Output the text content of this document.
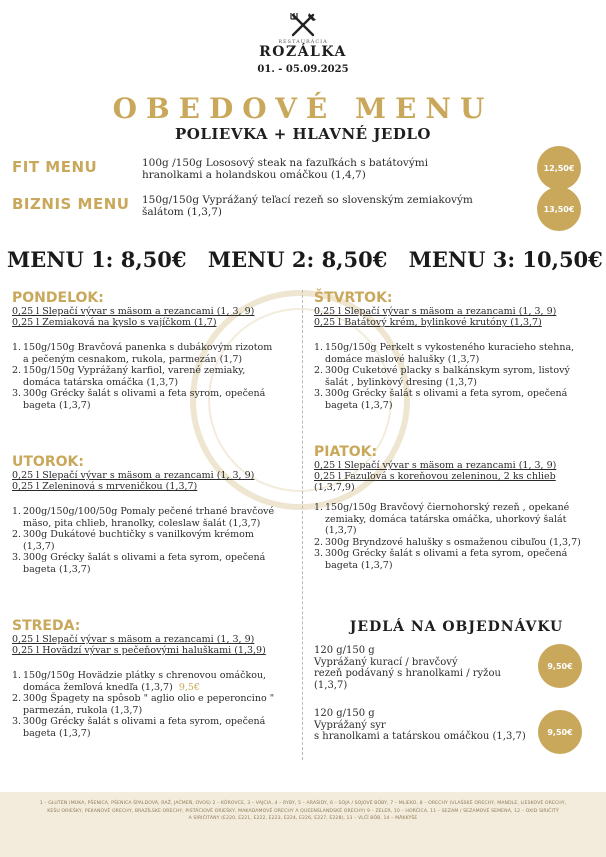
RESTAURÁCIA
ROZÁLKA
01. - 05.09.2025
OBEDOVÉ MENU
POLIEVKA + HLAVNÉ JEDLO
FIT MENU	100g /150g Lososový steak na fazuľkách s batátovými
hranolkami a holandskou omáčkou (1,4,7)
12,50€
BIZNIS MENU 150g/150g Vyprážaný teľací rezeň so slovenským zemiakovým
šalátom (1,3,7)	13,50€
MENU 1: 8,50€ MENU 2: 8,50€ MENU 3: 10,50€
PONDELOK:
0,25 l Slepačí vývar s mäsom a rezancami (1, 3, 9)
0,25 l Zemiaková na kyslo s vajíčkom (1,7)
1. 150g/150g Bravčová panenka s dubákovým rizotom
a pečeným cesnakom, rukola, parmezán (1,7)
2. 150g/150g Vyprážaný karfiol, varené zemiaky,
domáca tatárska omáčka (1,3,7)
3. 300g Grécky šalát s olivami a feta syrom, opečená
bageta (1,3,7)
UTOROK:
0,25 l Slepačí vývar s mäsom a rezancami (1, 3, 9)
0,25 l Zeleninová s mrveničkou (1,3,7)
1. 200g/150g/100/50g Pomaly pečené trhané bravčové
mäso, pita chlieb, hranolky, coleslaw šalát (1,3,7)
2. 300g Dukátové buchtičky s vanilkovým krémom
(1,3,7)
3. 300g Grécky šalát s olivami a feta syrom, opečená
bageta (1,3,7)
STREDA:
0,25 l Slepačí vývar s mäsom a rezancami (1, 3, 9)
0,25 l Hovädzí vývar s pečeňovými haluškami (1,3,9)
1. 150g/150g Hovädzie plátky s chrenovou omáčkou,
domáca žemľová knedľa (1,3,7) 9,5€
2. 300g Špagety na spôsob " aglio olio e peperoncino "
parmezán, rukola (1,3,7)
3. 300g Grécky šalát s olivami a feta syrom, opečená
bageta (1,3,7)
ŠTVRTOK:
0,25 l Slepačí vývar s mäsom a rezancami (1, 3, 9)
0,25 l Batátový krém, bylinkové krutóny (1,3,7)
1. 150g/150g Perkelt s vykosteného kuracieho stehna,
domáce maslové halušky (1,3,7)
2. 300g Cuketové placky s balkánskym syrom, listový
šalát , bylinkový dresing (1,3,7)
3. 300g Grécky šalát s olivami a feta syrom, opečená
bageta (1,3,7)
PIATOK:
0,25 l Slepačí vývar s mäsom a rezancami (1, 3, 9)
0,25 l Fazuľová s koreňovou zeleninou, 2 ks chlieb
(1,3,7,9)
1. 150g/150g Bravčový čiernohorský rezeň , opekané
zemiaky, domáca tatárska omáčka, uhorkový šalát
(1,3,7)
2. 300g Bryndzové halušky s osmaženou cibuľou (1,3,7)
3. 300g Grécky šalát s olivami a feta syrom, opečená
bageta (1,3,7)
JEDLÁ NA OBJEDNÁVKU
120 g/150 g
Vyprážaný kurací / bravčový
rezeň podávaný s hranolkami / ryžou
(1,3,7)
9,50€
120 g/150 g
Vyprážaný syr
s hranolkami a tatárskou omáčkou (1,3,7)	9,50€
1 – GLUTÉN (MÚKA, PŠENICA, PŠENICA ŠPALDOVÁ, RAŽ, JAČMEŇ, OVOS) 2 – KÔROVCE, 3 – VAJCIA, 4 – RYBY, 5 – ARAŠIDY, 6 – SÓJA / SÓJOVÉ BÔBY, 7 – MLIEKO, 8 – ORECHY (VLAŠSKÉ ORECHY, MANDLE, LIESKOVÉ ORECHY,
KEŠU ORIEŠKY, PEKANOVÉ ORECHY, BRAZÍLSKE ORECHY, PISTÁCIOVÉ ORIEŠKY, MAKADAMOVÉ ORECHY A QUEENSLANDSKÉ ORECHY) 9 – ZELER, 10 – HORČICA, 11 – SEZAM / SEZAMOVÉ SEMENÁ, 12 – OXID SIRIČITÝ
A SIRIČITANY (E220, E221, E222, E223, E224, E226, E227, E228), 13 – VLČÍ BÔB, 14 – MÄKKÝŠE
